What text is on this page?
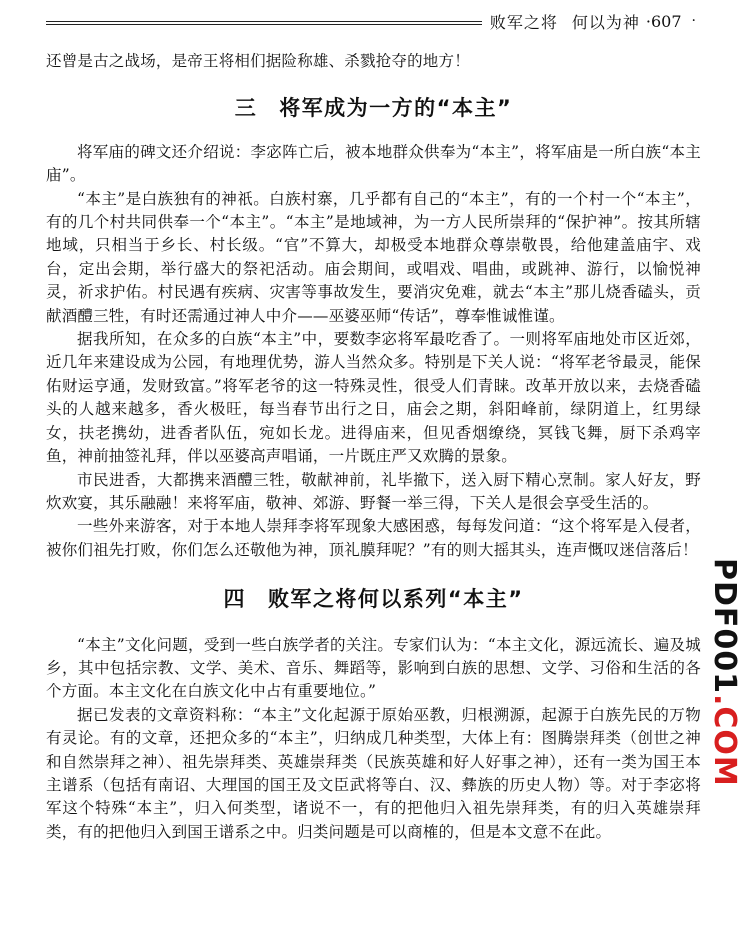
败军之将 何以为神 ·607 ·

还曾是古之战场，是帝王将相们据险称雄、杀戮抢夺的地方！

三 将军成为一方的“本主”

将军庙的碑文还介绍说：李宓阵亡后，被本地群众供奉为“本主”，将军庙是一所白族“本主庙”。

“本主”是白族独有的神祇。白族村寨，几乎都有自己的“本主”，有的一个村一个“本主”，有的几个村共同供奉一个“本主”。“本主”是地域神，为一方人民所崇拜的“保护神”。按其所辖地域，只相当于乡长、村长级。“官”不算大，却极受本地群众尊崇敬畏，给他建盖庙宇、戏台，定出会期，举行盛大的祭祀活动。庙会期间，或唱戏、唱曲，或跳神、游行，以愉悦神灵，祈求护佑。村民遇有疾病、灾害等事故发生，要消灾免难，就去“本主”那儿烧香磕头，贡献酒醴三牲，有时还需通过神人中介——巫婆巫师“传话”，尊奉惟诚惟谨。

据我所知，在众多的白族“本主”中，要数李宓将军最吃香了。一则将军庙地处市区近郊，近几年来建设成为公园，有地理优势，游人当然众多。特别是下关人说：“将军老爷最灵，能保佑财运亨通，发财致富。”将军老爷的这一特殊灵性，很受人们青睐。改革开放以来，去烧香磕头的人越来越多，香火极旺，每当春节出行之日，庙会之期，斜阳峰前，绿阴道上，红男绿女，扶老携幼，进香者队伍，宛如长龙。进得庙来，但见香烟缭绕，冥钱飞舞，厨下杀鸡宰鱼，神前抽签礼拜，伴以巫婆高声唱诵，一片既庄严又欢腾的景象。

市民进香，大都携来酒醴三牲，敬献神前，礼毕撤下，送入厨下精心烹制。家人好友，野炊欢宴，其乐融融！来将军庙，敬神、郊游、野餐一举三得，下关人是很会享受生活的。

一些外来游客，对于本地人崇拜李将军现象大感困惑，每每发问道：“这个将军是入侵者，被你们祖先打败，你们怎么还敬他为神，顶礼膜拜呢？”有的则大摇其头，连声慨叹迷信落后！

四 败军之将何以系列“本主”

“本主”文化问题，受到一些白族学者的关注。专家们认为：“本主文化，源远流长、遍及城乡，其中包括宗教、文学、美术、音乐、舞蹈等，影响到白族的思想、文学、习俗和生活的各个方面。本主文化在白族文化中占有重要地位。”

据已发表的文章资料称：“本主”文化起源于原始巫教，归根溯源，起源于白族先民的万物有灵论。有的文章，还把众多的“本主”，归纳成几种类型，大体上有：图腾崇拜类（创世之神和自然崇拜之神）、祖先崇拜类、英雄崇拜类（民族英雄和好人好事之神），还有一类为国王本主谱系（包括有南诏、大理国的国王及文臣武将等白、汉、彝族的历史人物）等。对于李宓将军这个特殊“本主”，归入何类型，诸说不一，有的把他归入祖先崇拜类，有的归入英雄崇拜类，有的把他归入到国王谱系之中。归类问题是可以商榷的，但是本文意不在此。

PDF001.COM
